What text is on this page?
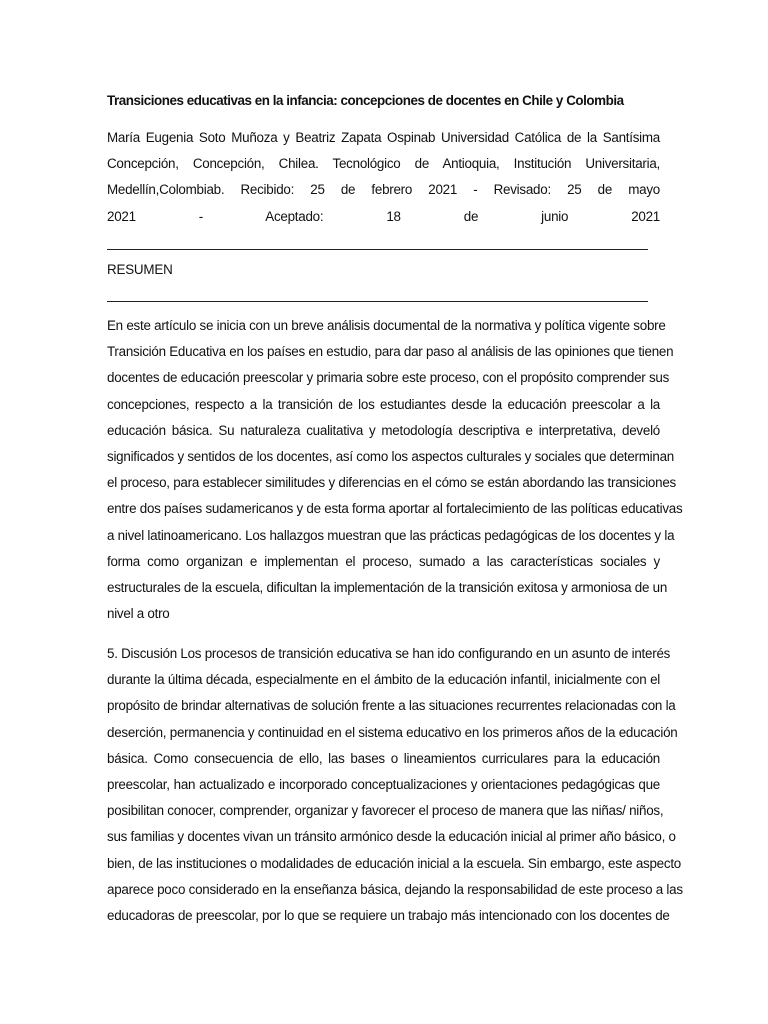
Transiciones educativas en la infancia: concepciones de docentes en Chile y Colombia
María Eugenia Soto Muñoza y Beatriz Zapata Ospinab Universidad Católica de la Santísima
Concepción, Concepción, Chilea. Tecnológico de Antioquia, Institución Universitaria,
Medellín,Colombiab. Recibido: 25 de febrero 2021 - Revisado: 25 de mayo
2021 - Aceptado: 18 de junio 2021
RESUMEN
En este artículo se inicia con un breve análisis documental de la normativa y política vigente sobre
Transición Educativa en los países en estudio, para dar paso al análisis de las opiniones que tienen
docentes de educación preescolar y primaria sobre este proceso, con el propósito comprender sus
concepciones, respecto a la transición de los estudiantes desde la educación preescolar a la
educación básica. Su naturaleza cualitativa y metodología descriptiva e interpretativa, develó
significados y sentidos de los docentes, así como los aspectos culturales y sociales que determinan
el proceso, para establecer similitudes y diferencias en el cómo se están abordando las transiciones
entre dos países sudamericanos y de esta forma aportar al fortalecimiento de las políticas educativas
a nivel latinoamericano. Los hallazgos muestran que las prácticas pedagógicas de los docentes y la
forma como organizan e implementan el proceso, sumado a las características sociales y
estructurales de la escuela, dificultan la implementación de la transición exitosa y armoniosa de un
nivel a otro
5. Discusión Los procesos de transición educativa se han ido configurando en un asunto de interés
durante la última década, especialmente en el ámbito de la educación infantil, inicialmente con el
propósito de brindar alternativas de solución frente a las situaciones recurrentes relacionadas con la
deserción, permanencia y continuidad en el sistema educativo en los primeros años de la educación
básica. Como consecuencia de ello, las bases o lineamientos curriculares para la educación
preescolar, han actualizado e incorporado conceptualizaciones y orientaciones pedagógicas que
posibilitan conocer, comprender, organizar y favorecer el proceso de manera que las niñas/ niños,
sus familias y docentes vivan un tránsito armónico desde la educación inicial al primer año básico, o
bien, de las instituciones o modalidades de educación inicial a la escuela. Sin embargo, este aspecto
aparece poco considerado en la enseñanza básica, dejando la responsabilidad de este proceso a las
educadoras de preescolar, por lo que se requiere un trabajo más intencionado con los docentes de
